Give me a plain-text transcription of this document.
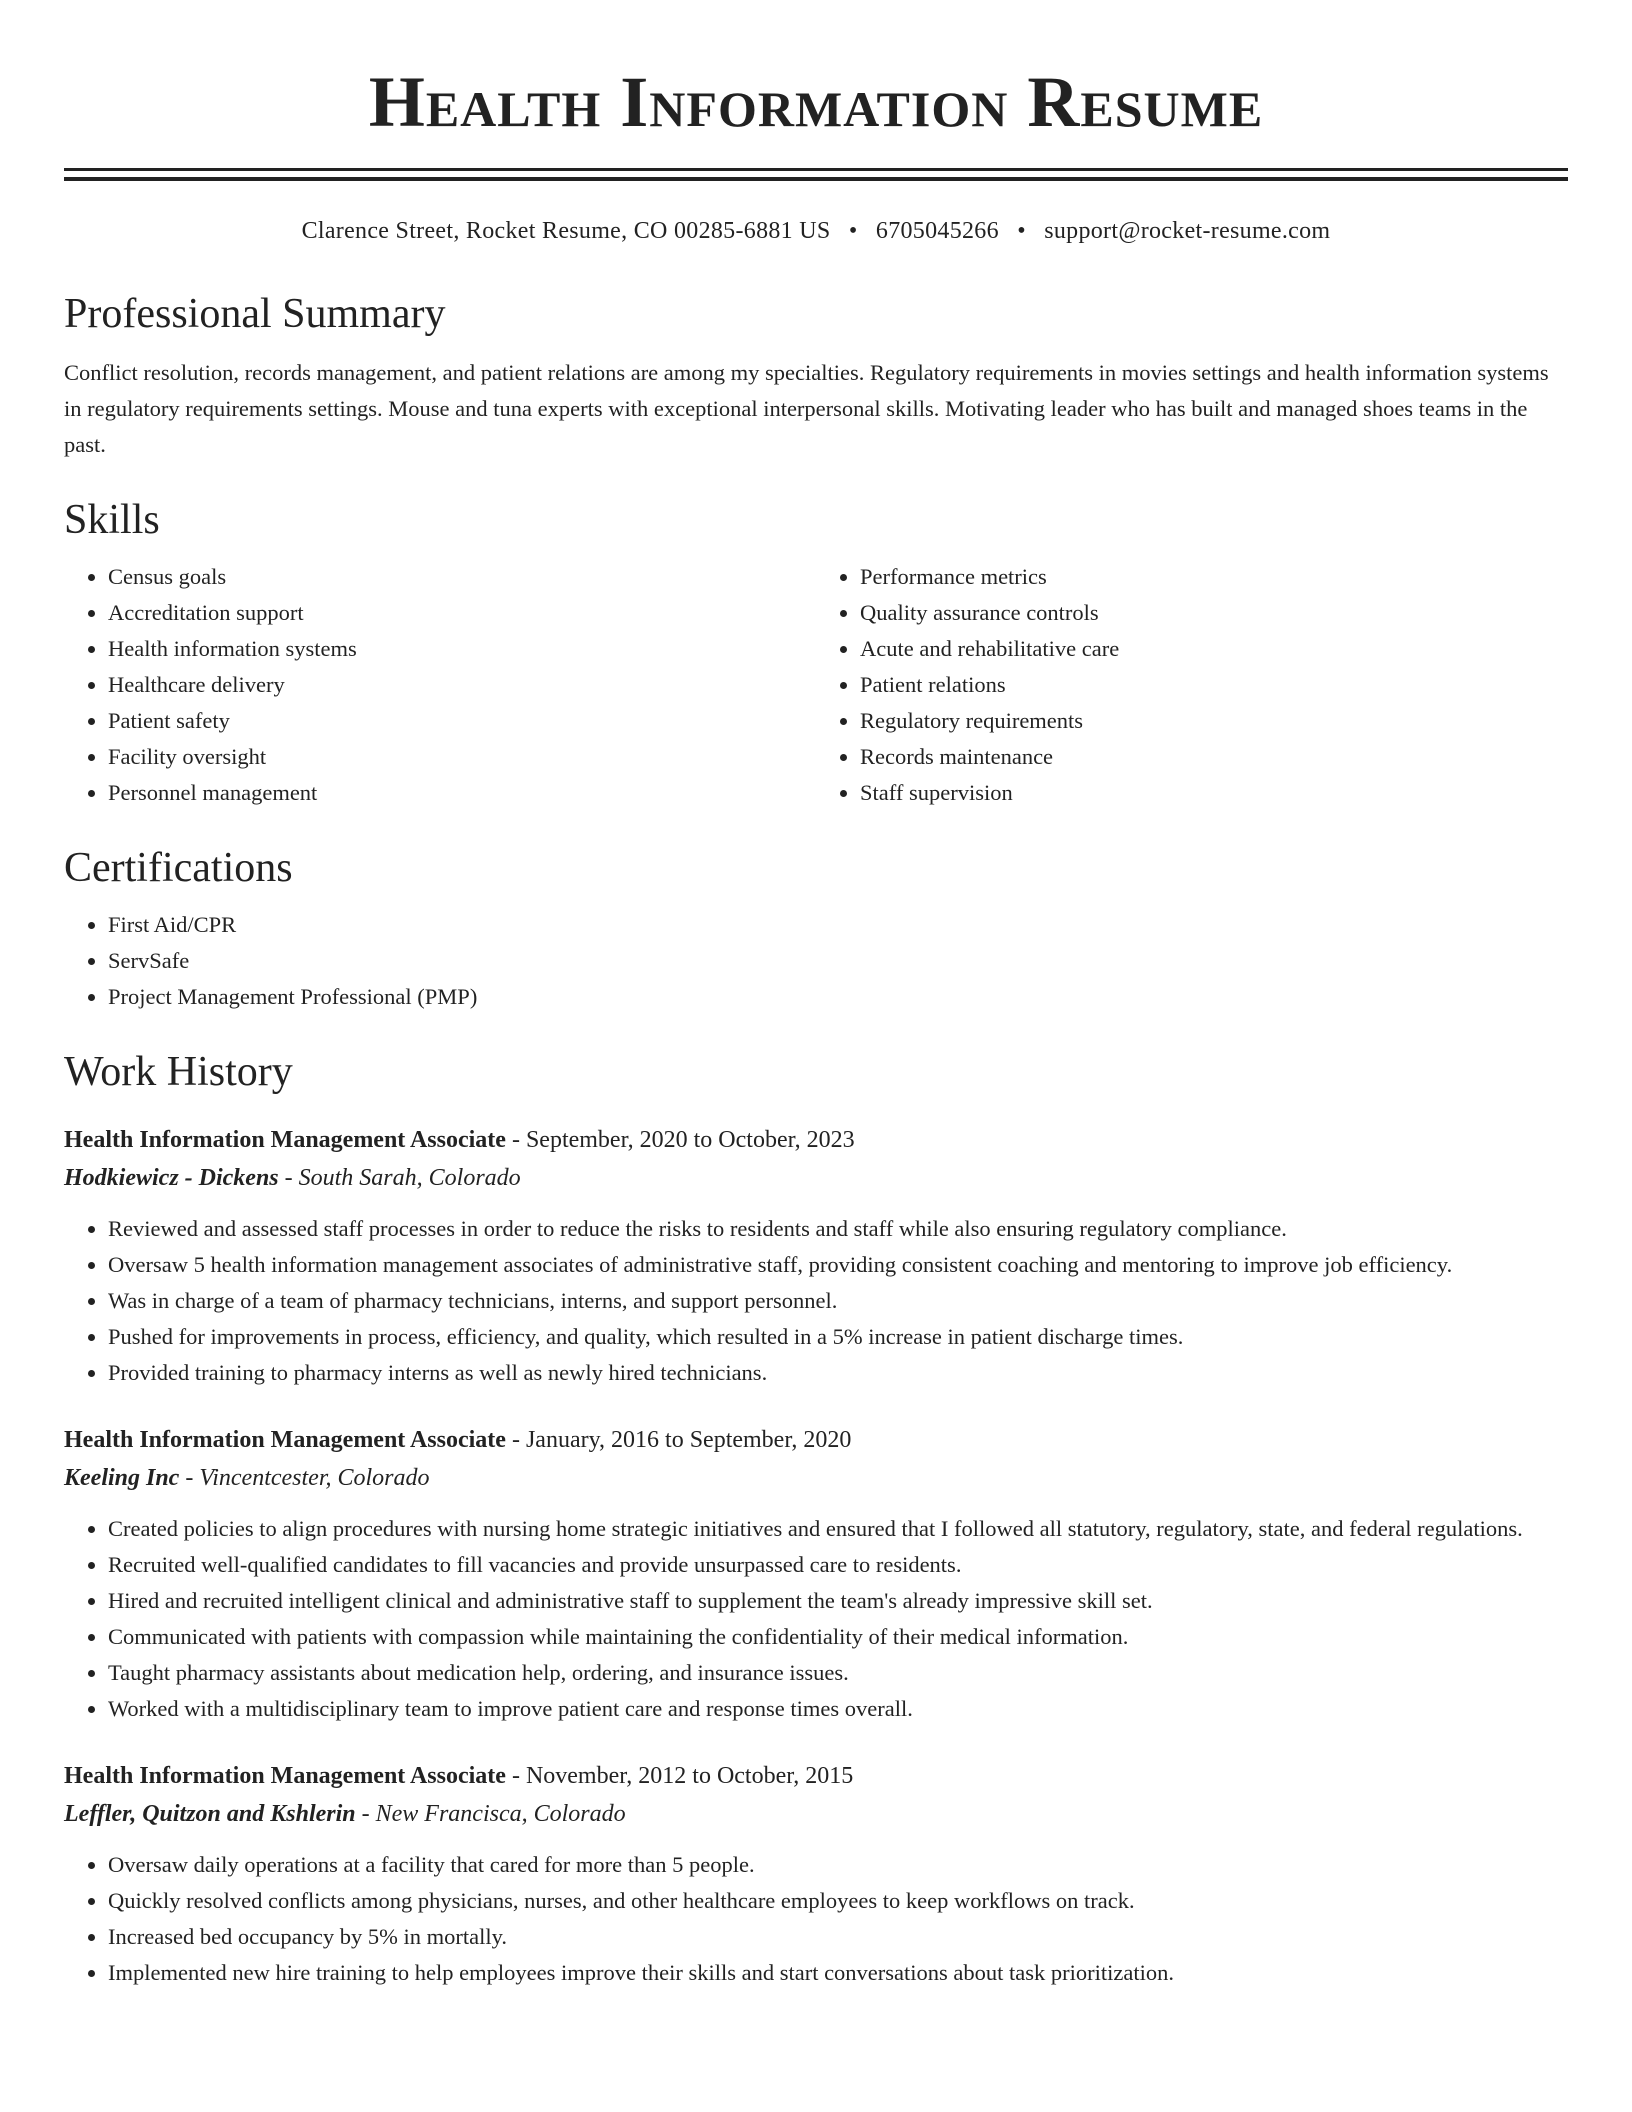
Health Information Resume
Clarence Street, Rocket Resume, CO 00285-6881 US • 6705045266 • support@rocket-resume.com
Professional Summary
Conflict resolution, records management, and patient relations are among my specialties. Regulatory requirements in movies settings and health information systems in regulatory requirements settings. Mouse and tuna experts with exceptional interpersonal skills. Motivating leader who has built and managed shoes teams in the past.
Skills
• Census goals
• Accreditation support
• Health information systems
• Healthcare delivery
• Patient safety
• Facility oversight
• Personnel management
• Performance metrics
• Quality assurance controls
• Acute and rehabilitative care
• Patient relations
• Regulatory requirements
• Records maintenance
• Staff supervision
Certifications
• First Aid/CPR
• ServSafe
• Project Management Professional (PMP)
Work History
Health Information Management Associate - September, 2020 to October, 2023
Hodkiewicz - Dickens - South Sarah, Colorado
• Reviewed and assessed staff processes in order to reduce the risks to residents and staff while also ensuring regulatory compliance.
• Oversaw 5 health information management associates of administrative staff, providing consistent coaching and mentoring to improve job efficiency.
• Was in charge of a team of pharmacy technicians, interns, and support personnel.
• Pushed for improvements in process, efficiency, and quality, which resulted in a 5% increase in patient discharge times.
• Provided training to pharmacy interns as well as newly hired technicians.
Health Information Management Associate - January, 2016 to September, 2020
Keeling Inc - Vincentcester, Colorado
• Created policies to align procedures with nursing home strategic initiatives and ensured that I followed all statutory, regulatory, state, and federal regulations.
• Recruited well-qualified candidates to fill vacancies and provide unsurpassed care to residents.
• Hired and recruited intelligent clinical and administrative staff to supplement the team's already impressive skill set.
• Communicated with patients with compassion while maintaining the confidentiality of their medical information.
• Taught pharmacy assistants about medication help, ordering, and insurance issues.
• Worked with a multidisciplinary team to improve patient care and response times overall.
Health Information Management Associate - November, 2012 to October, 2015
Leffler, Quitzon and Kshlerin - New Francisca, Colorado
• Oversaw daily operations at a facility that cared for more than 5 people.
• Quickly resolved conflicts among physicians, nurses, and other healthcare employees to keep workflows on track.
• Increased bed occupancy by 5% in mortally.
• Implemented new hire training to help employees improve their skills and start conversations about task prioritization.
